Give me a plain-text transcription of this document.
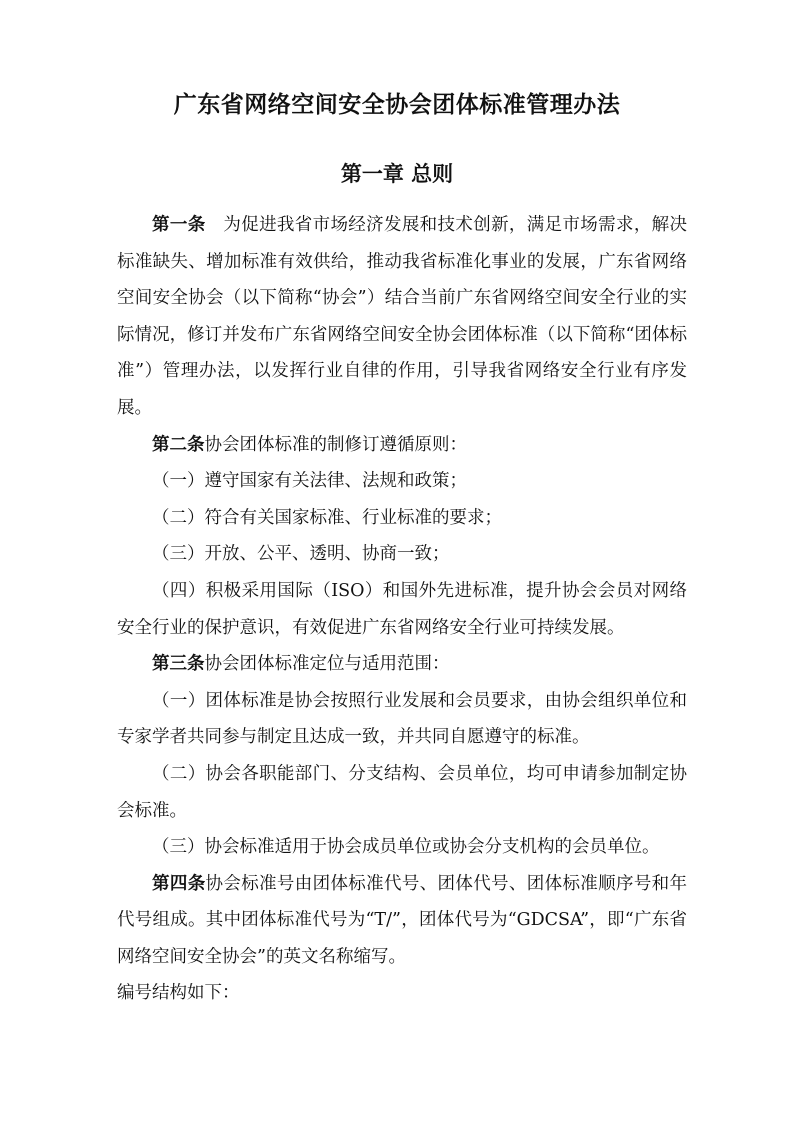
广东省网络空间安全协会团体标准管理办法
第一章 总则

第一条 为促进我省市场经济发展和技术创新，满足市场需求，解决标准缺失、增加标准有效供给，推动我省标准化事业的发展，广东省网络空间安全协会（以下简称“协会”）结合当前广东省网络空间安全行业的实际情况，修订并发布广东省网络空间安全协会团体标准（以下简称“团体标准”）管理办法，以发挥行业自律的作用，引导我省网络安全行业有序发展。

第二条协会团体标准的制修订遵循原则：

（一）遵守国家有关法律、法规和政策；

（二）符合有关国家标准、行业标准的要求；

（三）开放、公平、透明、协商一致；

（四）积极采用国际（ISO）和国外先进标准，提升协会会员对网络安全行业的保护意识，有效促进广东省网络安全行业可持续发展。

第三条协会团体标准定位与适用范围：

（一）团体标准是协会按照行业发展和会员要求，由协会组织单位和专家学者共同参与制定且达成一致，并共同自愿遵守的标准。

（二）协会各职能部门、分支结构、会员单位，均可申请参加制定协会标准。

（三）协会标准适用于协会成员单位或协会分支机构的会员单位。

第四条协会标准号由团体标准代号、团体代号、团体标准顺序号和年代号组成。其中团体标准代号为“T/”，团体代号为“GDCSA”，即“广东省网络空间安全协会”的英文名称缩写。

编号结构如下：
